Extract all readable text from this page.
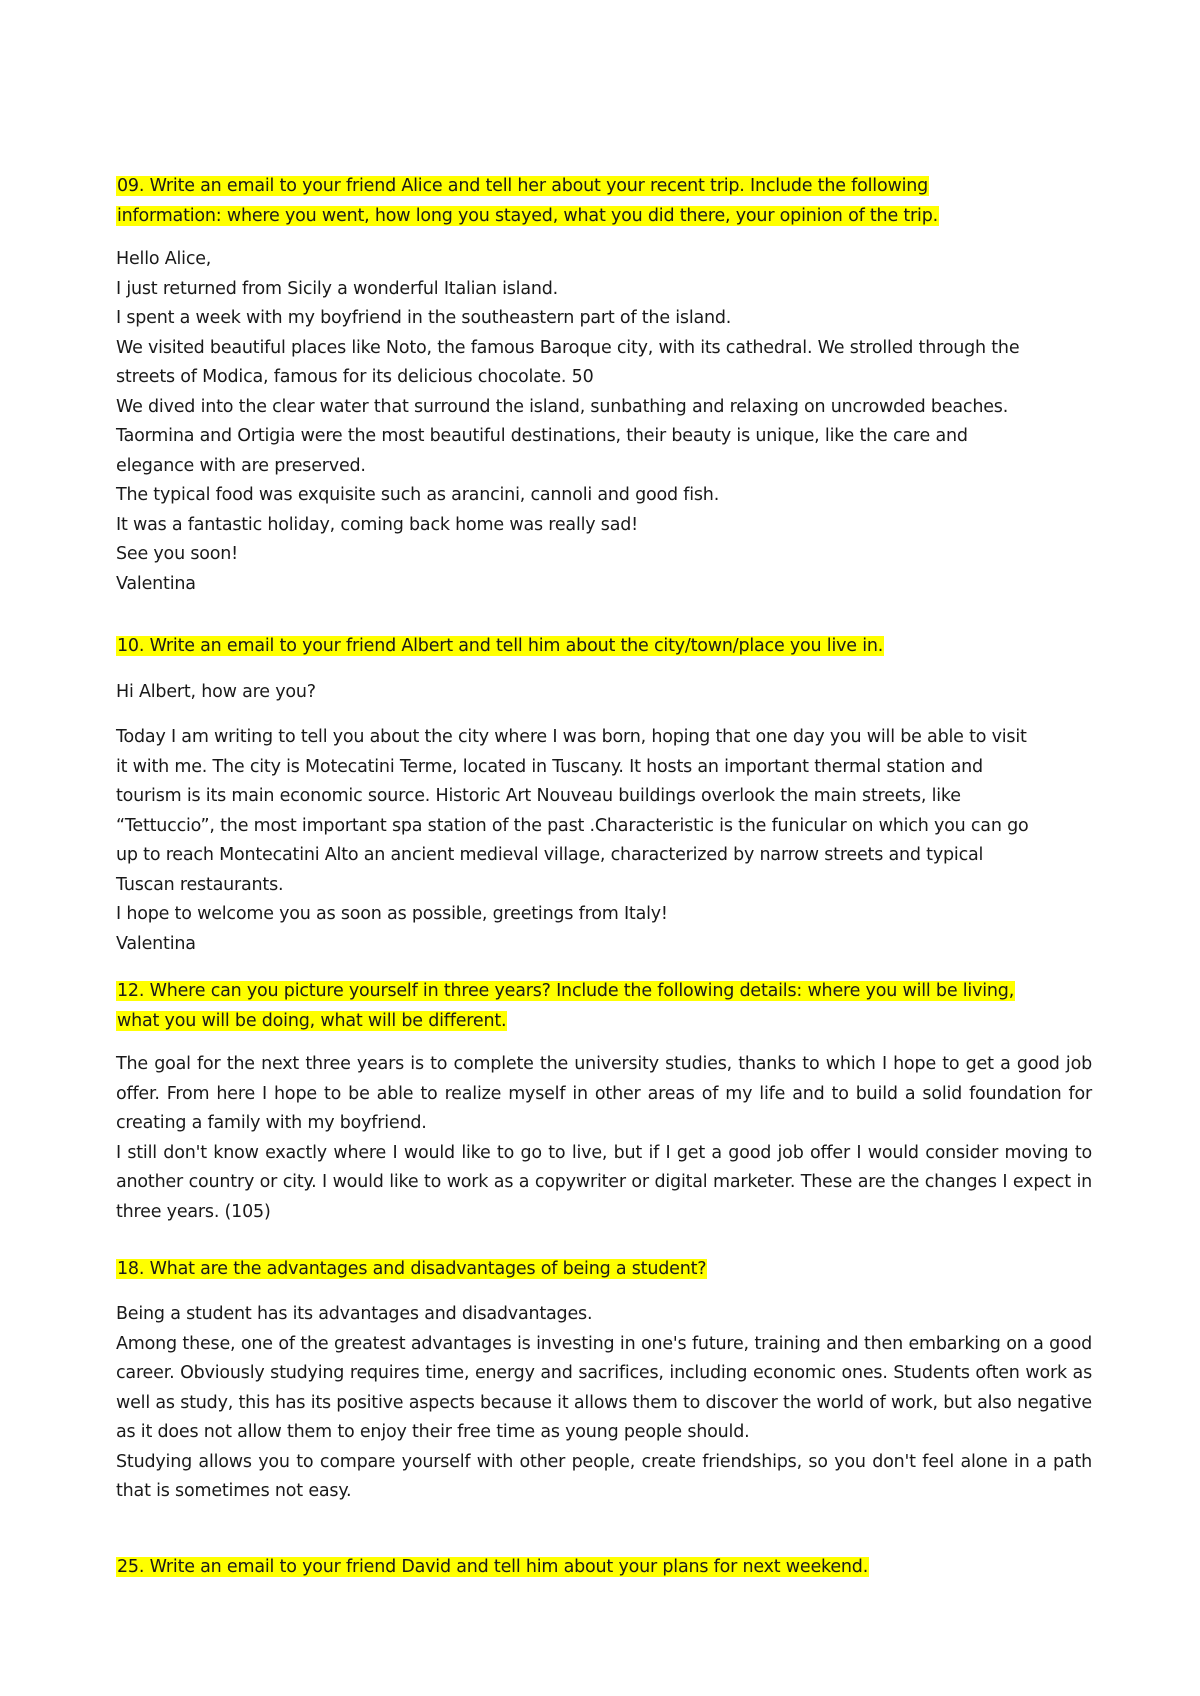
09. Write an email to your friend Alice and tell her about your recent trip. Include the following
information: where you went, how long you stayed, what you did there, your opinion of the trip.
Hello Alice,
I just returned from Sicily a wonderful Italian island.
I spent a week with my boyfriend in the southeastern part of the island.
We visited beautiful places like Noto, the famous Baroque city, with its cathedral. We strolled through the
streets of Modica, famous for its delicious chocolate. 50
We dived into the clear water that surround the island, sunbathing and relaxing on uncrowded beaches.
Taormina and Ortigia were the most beautiful destinations, their beauty is unique, like the care and
elegance with are preserved.
The typical food was exquisite such as arancini, cannoli and good fish.
It was a fantastic holiday, coming back home was really sad!
See you soon!
Valentina
10. Write an email to your friend Albert and tell him about the city/town/place you live in.
Hi Albert, how are you?
Today I am writing to tell you about the city where I was born, hoping that one day you will be able to visit
it with me. The city is Motecatini Terme, located in Tuscany. It hosts an important thermal station and
tourism is its main economic source. Historic Art Nouveau buildings overlook the main streets, like
“Tettuccio”, the most important spa station of the past .Characteristic is the funicular on which you can go
up to reach Montecatini Alto an ancient medieval village, characterized by narrow streets and typical
Tuscan restaurants.
I hope to welcome you as soon as possible, greetings from Italy!
Valentina
12. Where can you picture yourself in three years? Include the following details: where you will be living,
what you will be doing, what will be different.
The goal for the next three years is to complete the university studies, thanks to which I hope to get a good job offer. From here I hope to be able to realize myself in other areas of my life and to build a solid foundation for creating a family with my boyfriend.
I still don't know exactly where I would like to go to live, but if I get a good job offer I would consider moving to another country or city. I would like to work as a copywriter or digital marketer. These are the changes I expect in three years. (105)
18. What are the advantages and disadvantages of being a student?
Being a student has its advantages and disadvantages.
Among these, one of the greatest advantages is investing in one's future, training and then embarking on a good career. Obviously studying requires time, energy and sacrifices, including economic ones. Students often work as well as study, this has its positive aspects because it allows them to discover the world of work, but also negative as it does not allow them to enjoy their free time as young people should.
Studying allows you to compare yourself with other people, create friendships, so you don't feel alone in a path that is sometimes not easy.
25. Write an email to your friend David and tell him about your plans for next weekend.
